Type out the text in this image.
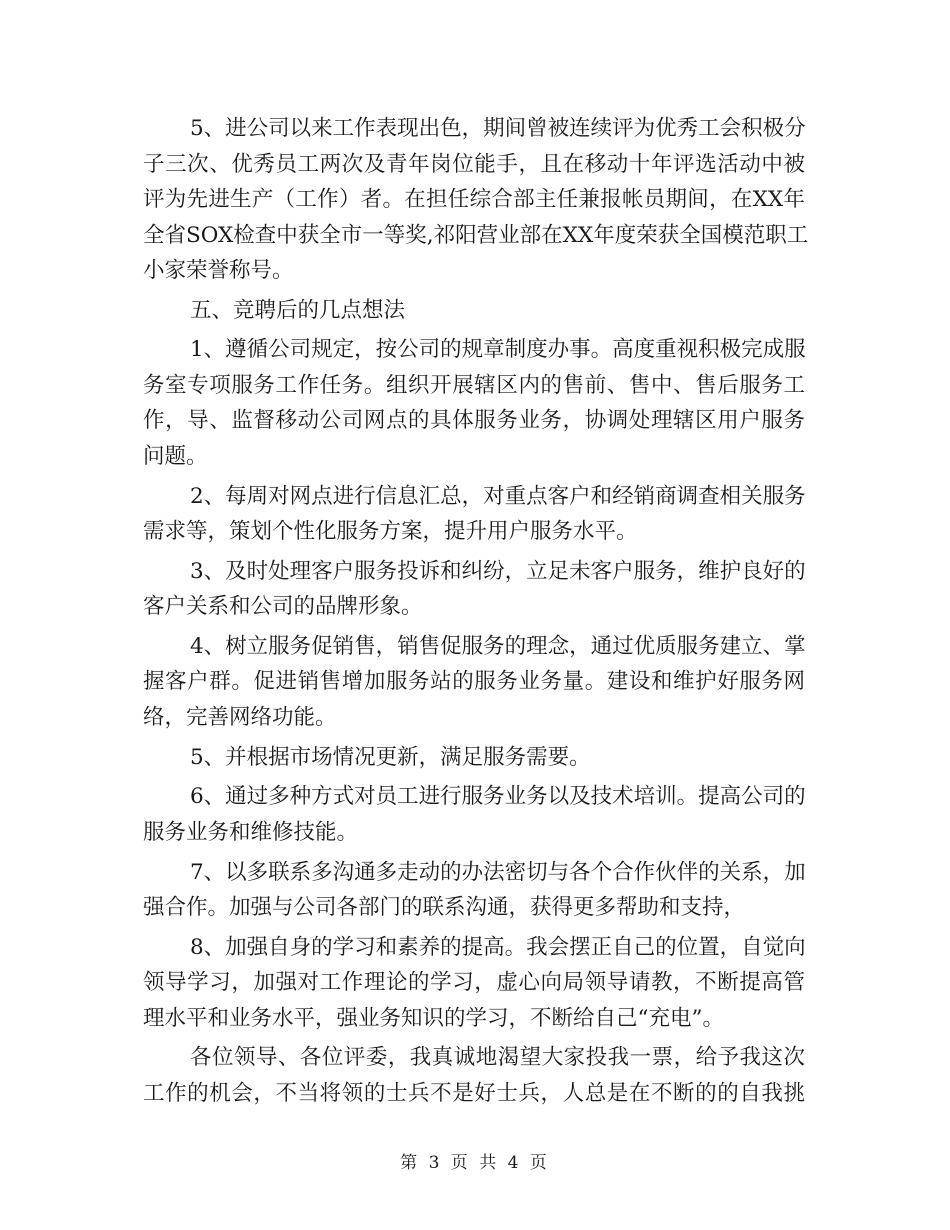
5、进公司以来工作表现出色，期间曾被连续评为优秀工会积极分
子三次、优秀员工两次及青年岗位能手，且在移动十年评选活动中被
评为先进生产（工作）者。在担任综合部主任兼报帐员期间，在XX年
全省SOX检查中获全市一等奖,祁阳营业部在XX年度荣获全国模范职工
小家荣誉称号。
五、竞聘后的几点想法
1、遵循公司规定，按公司的规章制度办事。高度重视积极完成服
务室专项服务工作任务。组织开展辖区内的售前、售中、售后服务工
作，导、监督移动公司网点的具体服务业务，协调处理辖区用户服务
问题。
2、每周对网点进行信息汇总，对重点客户和经销商调查相关服务
需求等，策划个性化服务方案，提升用户服务水平。
3、及时处理客户服务投诉和纠纷，立足未客户服务，维护良好的
客户关系和公司的品牌形象。
4、树立服务促销售，销售促服务的理念，通过优质服务建立、掌
握客户群。促进销售增加服务站的服务业务量。建设和维护好服务网
络，完善网络功能。
5、并根据市场情况更新，满足服务需要。
6、通过多种方式对员工进行服务业务以及技术培训。提高公司的
服务业务和维修技能。
7、以多联系多沟通多走动的办法密切与各个合作伙伴的关系，加
强合作。加强与公司各部门的联系沟通，获得更多帮助和支持，
8、加强自身的学习和素养的提高。我会摆正自己的位置，自觉向
领导学习，加强对工作理论的学习，虚心向局领导请教，不断提高管
理水平和业务水平，强业务知识的学习，不断给自己“充电”。
各位领导、各位评委，我真诚地渴望大家投我一票，给予我这次
工作的机会，不当将领的士兵不是好士兵，人总是在不断的的自我挑
第 3 页 共 4 页
